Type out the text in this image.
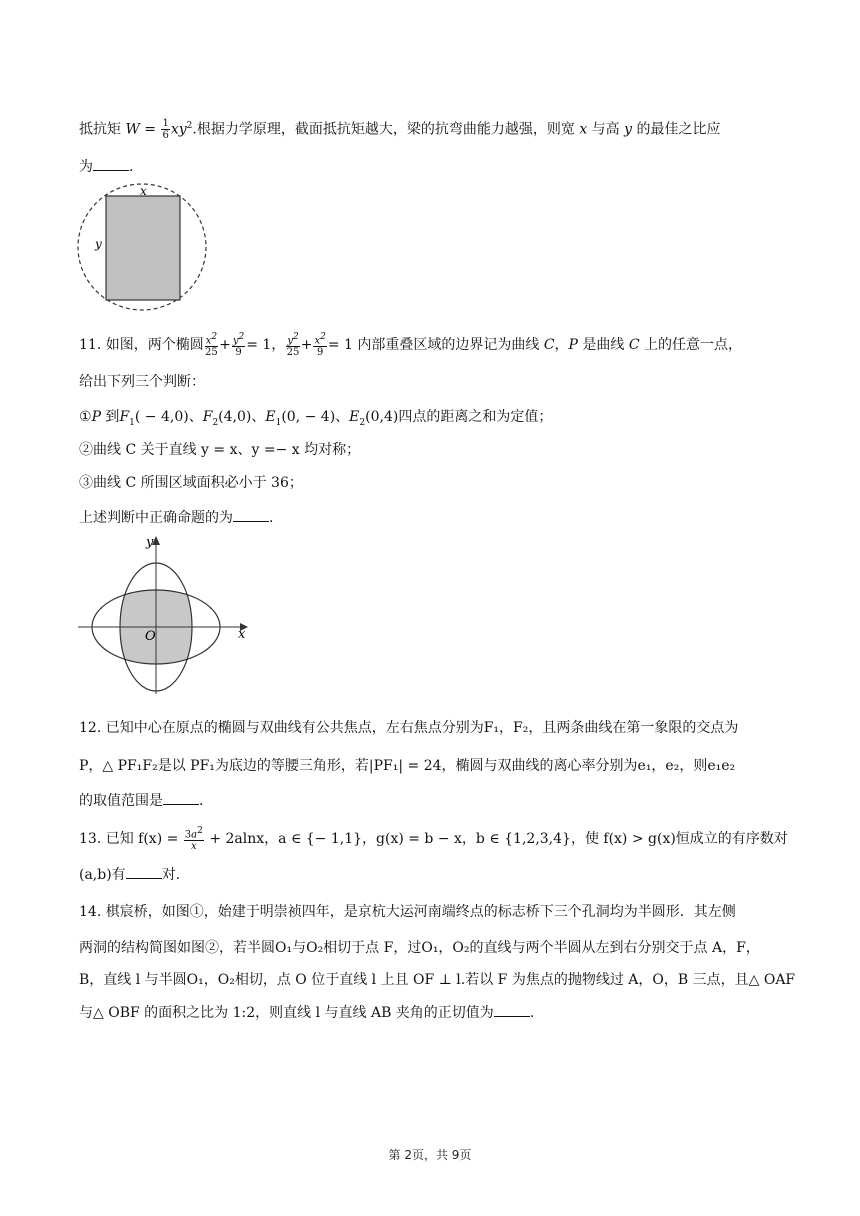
抵抗矩 $W = \frac{1}{6} xy^2$.根据力学原理，截面抵抗矩越大，梁的抗弯曲能力越强，则宽 x 与高 y 的最佳之比应
为	.
x
y
11. 如图，两个椭圆 $\frac{x^2}{25} + \frac{y^2}{9} = 1$， $\frac{y^2}{25} + \frac{x^2}{9} = 1$ 内部重叠区域的边界记为曲线 C，P 是曲线 C 上的任意一点，
给出下列三个判断：
①P 到$F_1( - 4,0)$、$F_2(4,0)$、$E_1(0$, − 4)、$E_2(0,4)$四点的距离之和为定值；
②曲线 C 关于直线 y = x、y =− x 均对称；
③曲线 C 所围区域面积必小于 36；
上述判断中正确命题的为	.
y
x
O
12. 已知中心在原点的椭圆与双曲线有公共焦点，左右焦点分别为F₁，F₂，且两条曲线在第一象限的交点为
P，△ PF₁F₂是以 PF₁为底边的等腰三角形，若|PF₁| = 24，椭圆与双曲线的离心率分别为e₁，e₂，则e₁e₂
的取值范围是	.
13. 已知 $f(x) = \frac{3a^2}{x} + 2alnx$，a ∈ {− 1,1}，g(x) = b − x，b ∈ {1,2,3,4}，使 f(x) > g(x)恒成立的有序数对
(a,b)有	对.
14. 棋宸桥，如图①，始建于明崇祯四年，是京杭大运河南端终点的标志桥下三个孔洞均为半圆形．其左侧
两洞的结构简图如图②，若半圆O₁与O₂相切于点 F，过O₁，O₂的直线与两个半圆从左到右分别交于点 A，F，
B，直线 l 与半圆O₁，O₂相切，点 O 位于直线 l 上且 OF ⊥ l.若以 F 为焦点的抛物线过 A，O，B 三点，且△ OAF
与△ OBF 的面积之比为 1:2，则直线 l 与直线 AB 夹角的正切值为	.
第 2页，共 9页
